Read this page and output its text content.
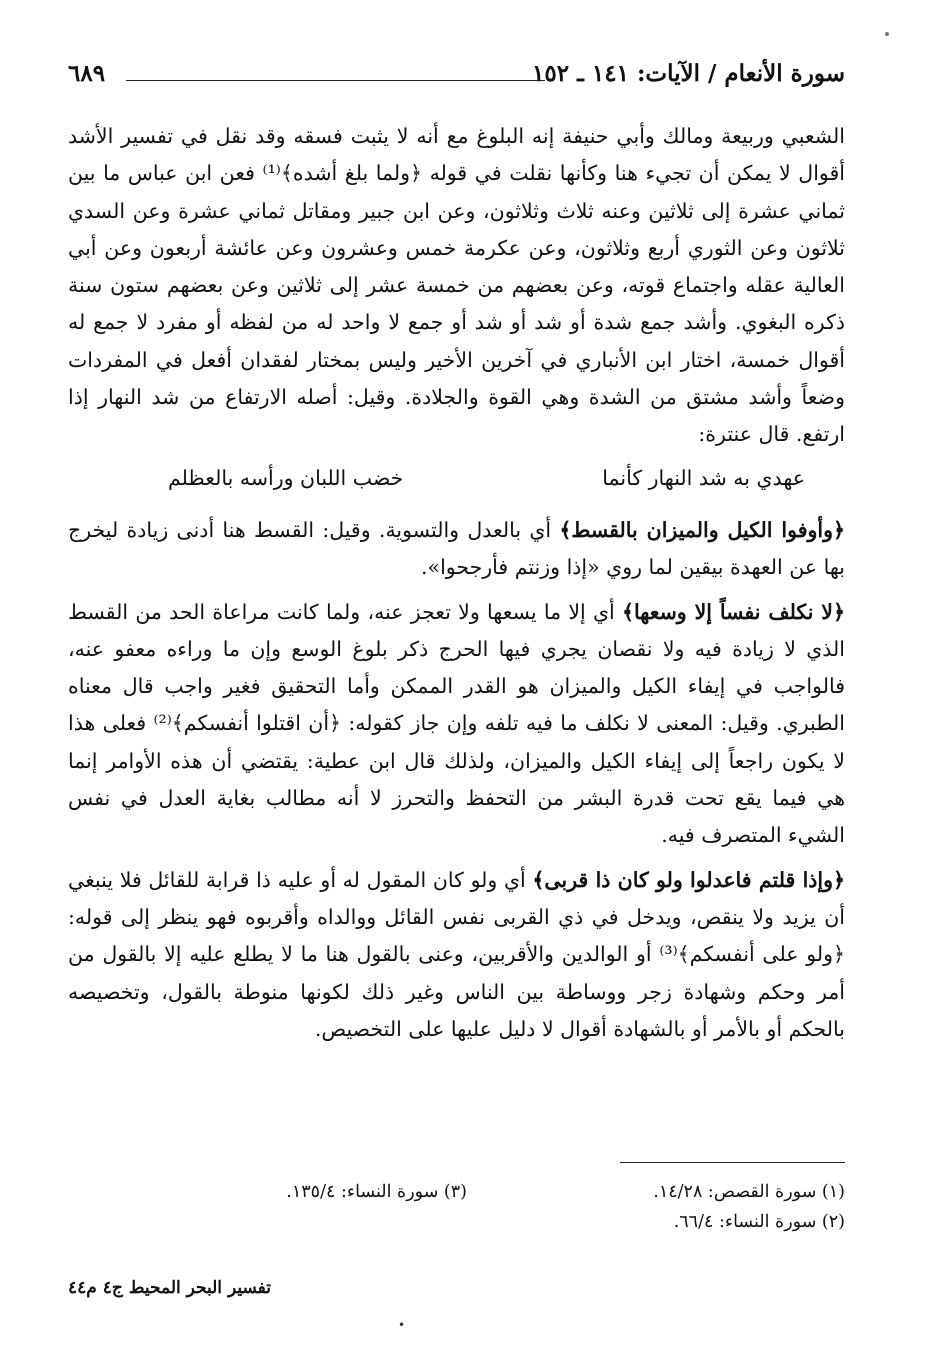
سورة الأنعام / الآيات: ١٤١ ـ ١٥٢
٦٨٩

الشعبي وربيعة ومالك وأبي حنيفة إنه البلوغ مع أنه لا يثبت فسقه وقد نقل في تفسير الأشد أقوال لا يمكن أن تجيء هنا وكأنها نقلت في قوله ﴿ولما بلغ أشده﴾⁽¹⁾ فعن ابن عباس ما بين ثماني عشرة إلى ثلاثين وعنه ثلاث وثلاثون، وعن ابن جبير ومقاتل ثماني عشرة وعن السدي ثلاثون وعن الثوري أربع وثلاثون، وعن عكرمة خمس وعشرون وعن عائشة أربعون وعن أبي العالية عقله واجتماع قوته، وعن بعضهم من خمسة عشر إلى ثلاثين وعن بعضهم ستون سنة ذكره البغوي. وأشد جمع شدة أو شد أو شد أو جمع لا واحد له من لفظه أو مفرد لا جمع له أقوال خمسة، اختار ابن الأنباري في آخرين الأخير وليس بمختار لفقدان أفعل في المفردات وضعاً وأشد مشتق من الشدة وهي القوة والجلادة. وقيل: أصله الارتفاع من شد النهار إذا ارتفع. قال عنترة:

عهدي به شد النهار كأنما
خضب اللبان ورأسه بالعظلم

﴿وأوفوا الكيل والميزان بالقسط﴾ أي بالعدل والتسوية. وقيل: القسط هنا أدنى زيادة ليخرج بها عن العهدة بيقين لما روي «إذا وزنتم فأرجحوا».

﴿لا نكلف نفساً إلا وسعها﴾ أي إلا ما يسعها ولا تعجز عنه، ولما كانت مراعاة الحد من القسط الذي لا زيادة فيه ولا نقصان يجري فيها الحرج ذكر بلوغ الوسع وإن ما وراءه معفو عنه، فالواجب في إيفاء الكيل والميزان هو القدر الممكن وأما التحقيق فغير واجب قال معناه الطبري. وقيل: المعنى لا نكلف ما فيه تلفه وإن جاز كقوله: ﴿أن اقتلوا أنفسكم﴾⁽²⁾ فعلى هذا لا يكون راجعاً إلى إيفاء الكيل والميزان، ولذلك قال ابن عطية: يقتضي أن هذه الأوامر إنما هي فيما يقع تحت قدرة البشر من التحفظ والتحرز لا أنه مطالب بغاية العدل في نفس الشيء المتصرف فيه.

﴿وإذا قلتم فاعدلوا ولو كان ذا قربى﴾ أي ولو كان المقول له أو عليه ذا قرابة للقائل فلا ينبغي أن يزيد ولا ينقص، ويدخل في ذي القربى نفس القائل ووالداه وأقربوه فهو ينظر إلى قوله: ﴿ولو على أنفسكم﴾⁽³⁾ أو الوالدين والأقربين، وعنى بالقول هنا ما لا يطلع عليه إلا بالقول من أمر وحكم وشهادة زجر ووساطة بين الناس وغير ذلك لكونها منوطة بالقول، وتخصيصه بالحكم أو بالأمر أو بالشهادة أقوال لا دليل عليها على التخصيص.

(١) سورة القصص: ١٤/٢٨.
(٣) سورة النساء: ١٣٥/٤.
(٢) سورة النساء: ٦٦/٤.
تفسير البحر المحيط ج٤ م٤٤
•
